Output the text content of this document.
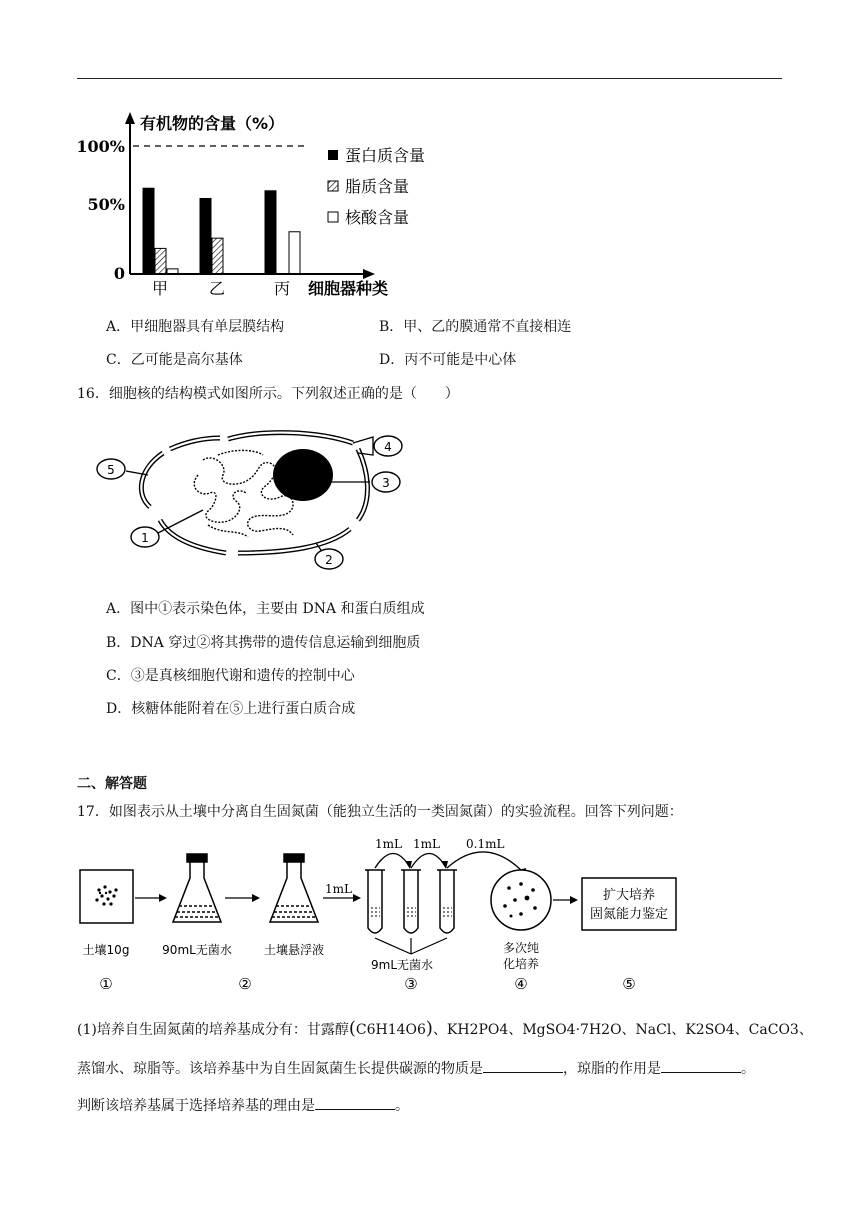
甲	乙	丙
有机物的含量（%）
100%
50%
0
细胞器种类
蛋白质含量
脂质含量
核酸含量
A．甲细胞器具有单层膜结构	B．甲、乙的膜通常不直接相连
C．乙可能是高尔基体	D．丙不可能是中心体
16．细胞核的结构模式如图所示。下列叙述正确的是（　　）
4
3
5
1
2
A．图中①表示染色体，主要由 DNA 和蛋白质组成
B．DNA 穿过②将其携带的遗传信息运输到细胞质
C．③是真核细胞代谢和遗传的控制中心
D．核糖体能附着在⑤上进行蛋白质合成
二、解答题
17．如图表示从土壤中分离自生固氮菌（能独立生活的一类固氮菌）的实验流程。回答下列问题：
1mL
1mL 1mL 0.1mL
9mL无菌水
多次纯
化培养
扩大培养
固氮能力鉴定
土壤10g	90mL无菌水	土壤悬浮液
①	②	③	④	⑤
(1)培养自生固氮菌的培养基成分有：甘露醇(C6H14O6)、KH2PO4、MgSO4·7H2O、NaCl、K2SO4、CaCO3、
蒸馏水、琼脂等。该培养基中为自生固氮菌生长提供碳源的物质是	，琼脂的作用是	。
判断该培养基属于选择培养基的理由是	。
